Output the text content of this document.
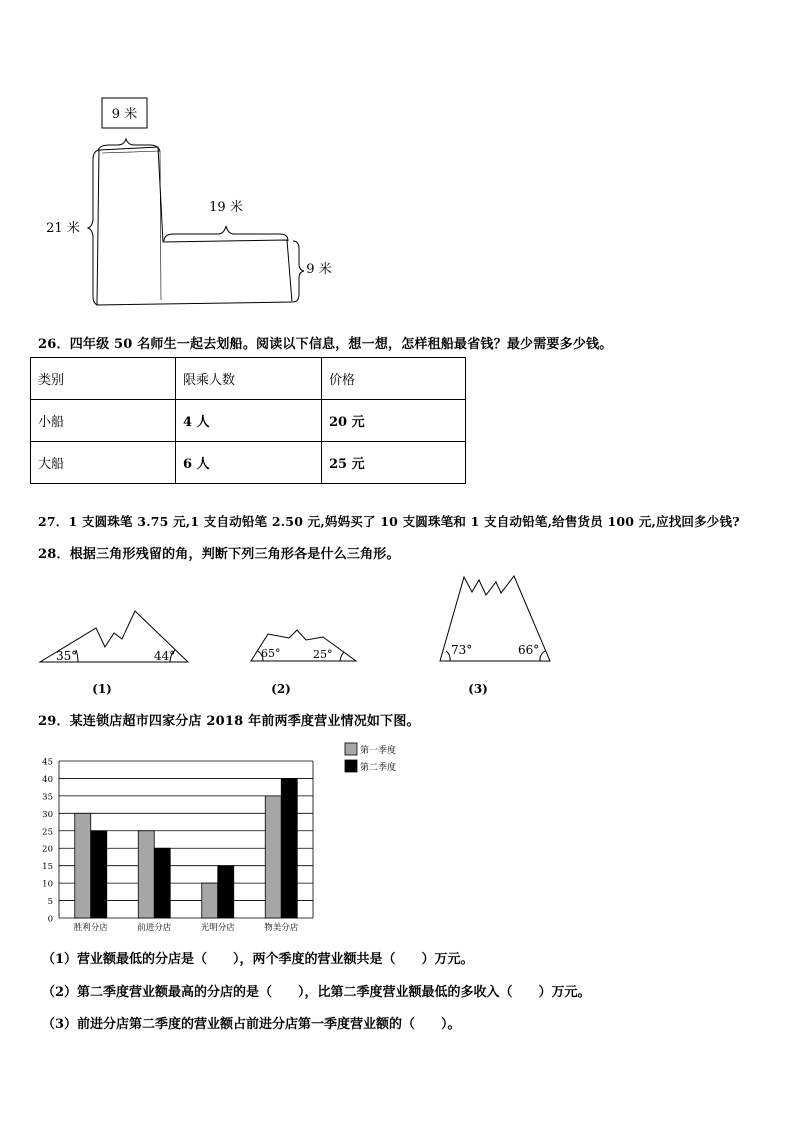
9 米
21 米
19 米
9 米
26．四年级 50 名师生一起去划船。阅读以下信息，想一想，怎样租船最省钱？最少需要多少钱。
类别	限乘人数	价格
小船	4 人	20 元
大船	6 人	25 元
27．1 支圆珠笔 3.75 元,1 支自动铅笔 2.50 元,妈妈买了 10 支圆珠笔和 1 支自动铅笔,给售货员 100 元,应找回多少钱?
28．根据三角形残留的角，判断下列三角形各是什么三角形。
35°	44°
(1)
65°	25°
(2)
73°	66°
(3)
29．某连锁店超市四家分店 2018 年前两季度营业情况如下图。
0
5
10
15
20
25
30
35
40
45
胜利分店	前进分店	光明分店	物美分店
第一季度
第二季度
（1）营业额最低的分店是（　　），两个季度的营业额共是（　　）万元。
（2）第二季度营业额最高的分店的是（　　），比第二季度营业额最低的多收入（　　）万元。
（3）前进分店第二季度的营业额占前进分店第一季度营业额的（　　）。
